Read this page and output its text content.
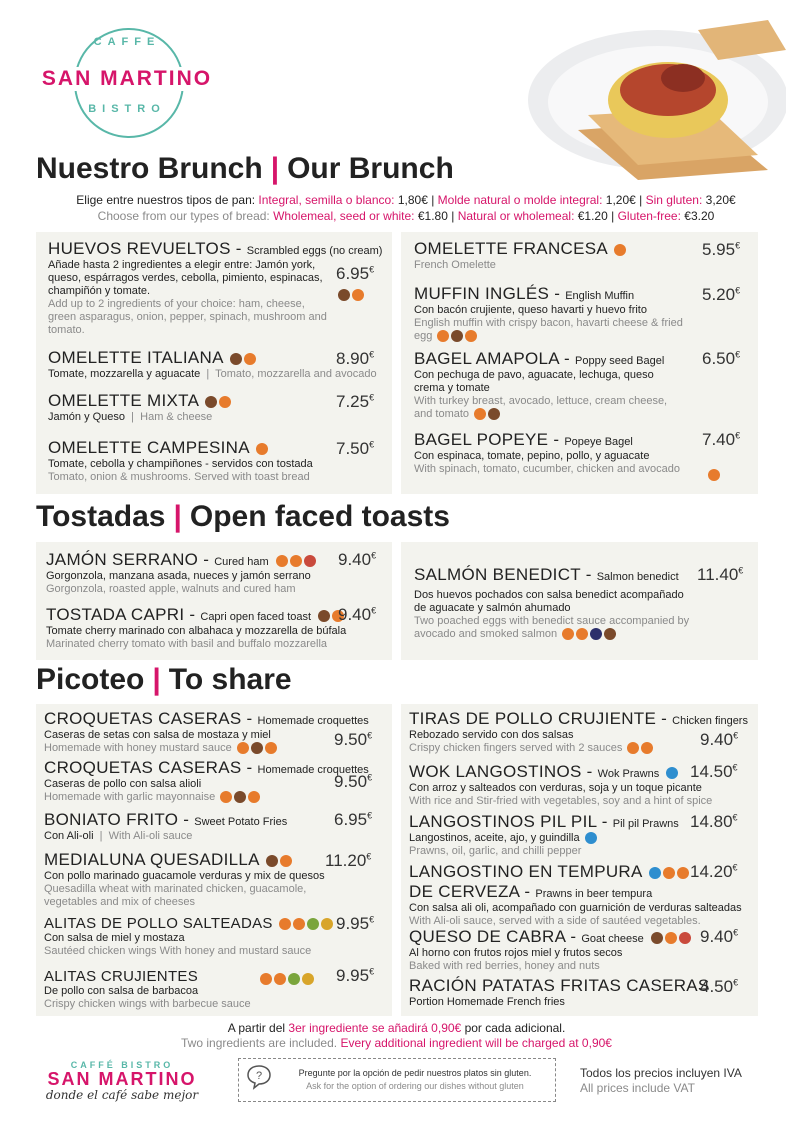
CAFFE
SAN MARTINO
BISTRO
Nuestro Brunch | Our Brunch
Elige entre nuestros tipos de pan: Integral, semilla o blanco: 1,80€ | Molde natural o molde integral: 1,20€ | Sin gluten: 3,20€
Choose from our types of bread: Wholemeal, seed or white: €1.80 | Natural or wholemeal: €1.20 | Gluten-free: €3.20
HUEVOS REVUELTOS - Scrambled eggs (no cream)
Añade hasta 2 ingredientes a elegir entre: Jamón york, queso, espárragos verdes, cebolla, pimiento, espinacas, champiñón y tomate.
Add up to 2 ingredients of your choice: ham, cheese, green asparagus, onion, pepper, spinach, mushroom and tomato.
6.95€
OMELETTE ITALIANA
Tomate, mozzarella y aguacate | Tomato, mozzarella and avocado
8.90€
OMELETTE MIXTA
Jamón y Queso | Ham & cheese
7.25€
OMELETTE CAMPESINA
Tomate, cebolla y champiñones - servidos con tostada
Tomato, onion & mushrooms. Served with toast bread
7.50€
OMELETTE FRANCESA
French Omelette
5.95€
MUFFIN INGLÉS - English Muffin
Con bacón crujiente, queso havarti y huevo frito
English muffin with crispy bacon, havarti cheese & fried egg
5.20€
BAGEL AMAPOLA - Poppy seed Bagel
Con pechuga de pavo, aguacate, lechuga, queso crema y tomate
With turkey breast, avocado, lettuce, cream cheese, and tomato
6.50€
BAGEL POPEYE - Popeye Bagel
Con espinaca, tomate, pepino, pollo, y aguacate
With spinach, tomato, cucumber, chicken and avocado
7.40€
Tostadas | Open faced toasts
JAMÓN SERRANO - Cured ham
Gorgonzola, manzana asada, nueces y jamón serrano
Gorgonzola, roasted apple, walnuts and cured ham
9.40€
TOSTADA CAPRI - Capri open faced toast
Tomate cherry marinado con albahaca y mozzarella de búfala
Marinated cherry tomato with basil and buffalo mozzarella
9.40€
SALMÓN BENEDICT - Salmon benedict
Dos huevos pochados con salsa benedict acompañado de aguacate y salmón ahumado
Two poached eggs with benedict sauce accompanied by avocado and smoked salmon
11.40€
Picoteo | To share
CROQUETAS CASERAS - Homemade croquettes
Caseras de setas con salsa de mostaza y miel
Homemade with honey mustard sauce	9.50€
CROQUETAS CASERAS - Homemade croquettes
Caseras de pollo con salsa alioli
Homemade with garlic mayonnaise
9.50€
BONIATO FRITO - Sweet Potato Fries
Con Ali-oli | With Ali-oli sauce
6.95€
MEDIALUNA QUESADILLA
Con pollo marinado guacamole verduras y mix de quesos
Quesadilla wheat with marinated chicken, guacamole, vegetables and mix of cheeses
11.20€
ALITAS DE POLLO SALTEADAS
Con salsa de miel y mostaza
Sautéed chicken wings With honey and mustard sauce
9.95€
ALITAS CRUJIENTES
De pollo con salsa de barbacoa
Crispy chicken wings with barbecue sauce
9.95€
TIRAS DE POLLO CRUJIENTE - Chicken fingers
Rebozado servido con dos salsas
Crispy chicken fingers served with 2 sauces	9.40€
WOK LANGOSTINOS - Wok Prawns
Con arroz y salteados con verduras, soja y un toque picante
With rice and Stir-fried with vegetables, soy and a hint of spice
14.50€
LANGOSTINOS PIL PIL - Pil pil Prawns
Langostinos, aceite, ajo, y guindilla
Prawns, oil, garlic, and chilli pepper
14.80€
LANGOSTINO EN TEMPURA
DE CERVEZA - Prawns in beer tempura
Con salsa ali oli, acompañado con guarnición de verduras salteadas
With Ali-oli sauce, served with a side of sautéed vegetables.
14.20€
QUESO DE CABRA - Goat cheese
Al horno con frutos rojos miel y frutos secos
Baked with red berries, honey and nuts
9.40€
RACIÓN PATATAS FRITAS CASERAS
Portion Homemade French fries
4.50€
A partir del 3er ingrediente se añadirá 0,90€ por cada adicional.
Two ingredients are included. Every additional ingredient will be charged at 0,90€
CAFFÉ BISTRO
SAN MARTINO
donde el café sabe mejor
?	Pregunte por la opción de pedir nuestros platos sin gluten.
Ask for the option of ordering our dishes without gluten
Todos los precios incluyen IVA
All prices include VAT
